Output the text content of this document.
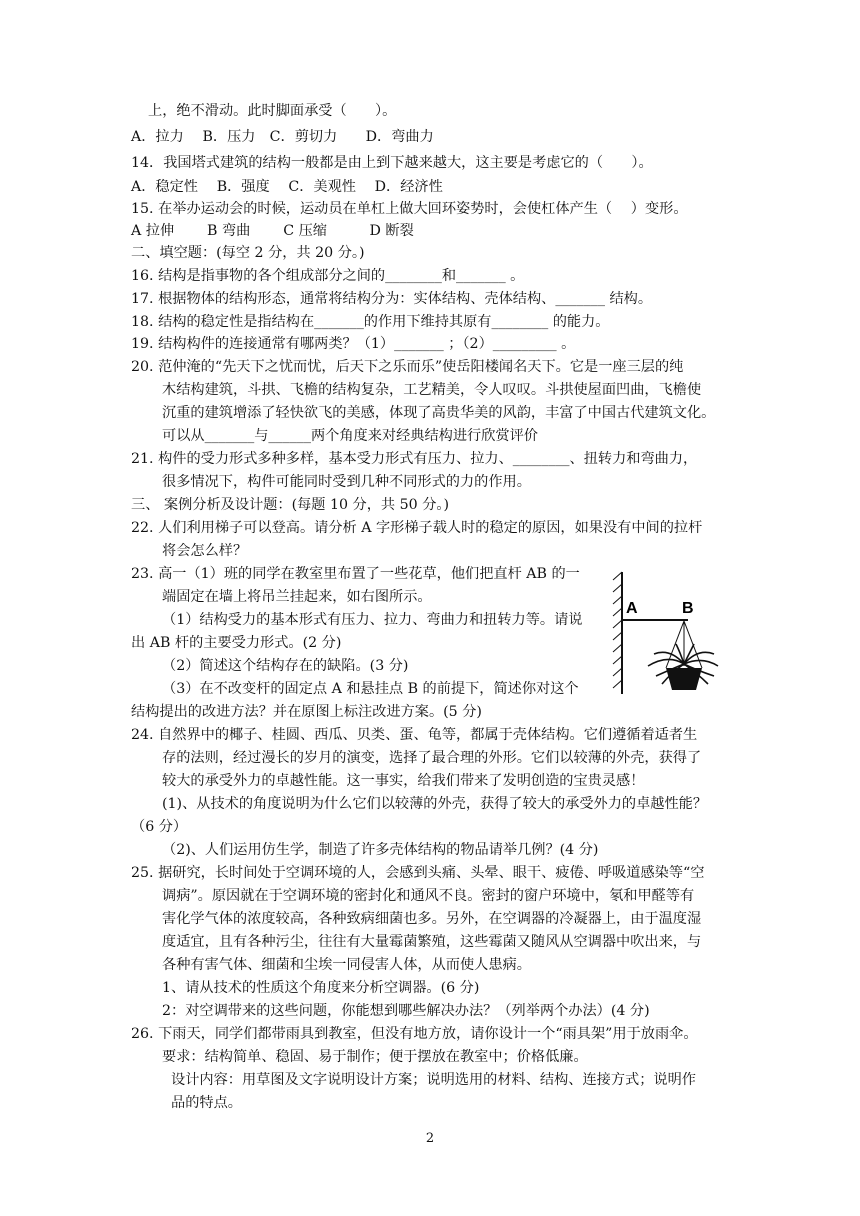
上，绝不滑动。此时脚面承受（　　）。
A．拉力　 B．压力　C．剪切力　　D．弯曲力
14．我国塔式建筑的结构一般都是由上到下越来越大，这主要是考虑它的（　　）。
A．稳定性　 B．强度　 C．美观性　 D．经济性
15. 在举办运动会的时候，运动员在单杠上做大回环姿势时，会使杠体产生（　 ）变形。
A 拉伸　　 B 弯曲　　 C 压缩　　　D 断裂
二、填空题：(每空 2 分，共 20 分。)
16. 结构是指事物的各个组成部分之间的________和_______ 。
17. 根据物体的结构形态，通常将结构分为：实体结构、壳体结构、_______ 结构。
18. 结构的稳定性是指结构在_______的作用下维持其原有________ 的能力。
19. 结构构件的连接通常有哪两类？（1）_______ ；（2）_________ 。
20. 范仲淹的“先天下之忧而忧，后天下之乐而乐”使岳阳楼闻名天下。它是一座三层的纯
木结构建筑，斗拱、飞檐的结构复杂，工艺精美，令人叹叹。斗拱使屋面凹曲，飞檐使
沉重的建筑增添了轻快欲飞的美感，体现了高贵华美的风韵，丰富了中国古代建筑文化。
可以从_______与______两个角度来对经典结构进行欣赏评价
21. 构件的受力形式多种多样，基本受力形式有压力、拉力、________、扭转力和弯曲力，
很多情况下，构件可能同时受到几种不同形式的力的作用。
三、 案例分析及设计题：(每题 10 分，共 50 分。)
22. 人们利用梯子可以登高。请分析 A 字形梯子载人时的稳定的原因，如果没有中间的拉杆
将会怎么样？
23. 高一（1）班的同学在教室里布置了一些花草，他们把直杆 AB 的一
端固定在墙上将吊兰挂起来，如右图所示。
（1）结构受力的基本形式有压力、拉力、弯曲力和扭转力等。请说
出 AB 杆的主要受力形式。(2 分)
（2）简述这个结构存在的缺陷。(3 分)
（3）在不改变杆的固定点 A 和悬挂点 B 的前提下，简述你对这个
结构提出的改进方法？并在原图上标注改进方案。(5 分)
24. 自然界中的椰子、桂圆、西瓜、贝类、蛋、龟等，都属于壳体结构。它们遵循着适者生
存的法则，经过漫长的岁月的演变，选择了最合理的外形。它们以较薄的外壳，获得了
较大的承受外力的卓越性能。这一事实，给我们带来了发明创造的宝贵灵感！
(1)、从技术的角度说明为什么它们以较薄的外壳，获得了较大的承受外力的卓越性能？
（6 分）
（2)、人们运用仿生学，制造了许多壳体结构的物品请举几例？(4 分)
25. 据研究，长时间处于空调环境的人，会感到头痛、头晕、眼干、疲倦、呼吸道感染等“空
调病”。原因就在于空调环境的密封化和通风不良。密封的窗户环境中，氡和甲醛等有
害化学气体的浓度较高，各种致病细菌也多。另外，在空调器的冷凝器上，由于温度湿
度适宜，且有各种污尘，往往有大量霉菌繁殖，这些霉菌又随风从空调器中吹出来，与
各种有害气体、细菌和尘埃一同侵害人体，从而使人患病。
1、请从技术的性质这个角度来分析空调器。(6 分)
2：对空调带来的这些问题，你能想到哪些解决办法？（列举两个办法）(4 分)
26. 下雨天，同学们都带雨具到教室，但没有地方放，请你设计一个“雨具架”用于放雨伞。
要求：结构简单、稳固、易于制作；便于摆放在教室中；价格低廉。
设计内容：用草图及文字说明设计方案；说明选用的材料、结构、连接方式；说明作
品的特点。
A	B
2
